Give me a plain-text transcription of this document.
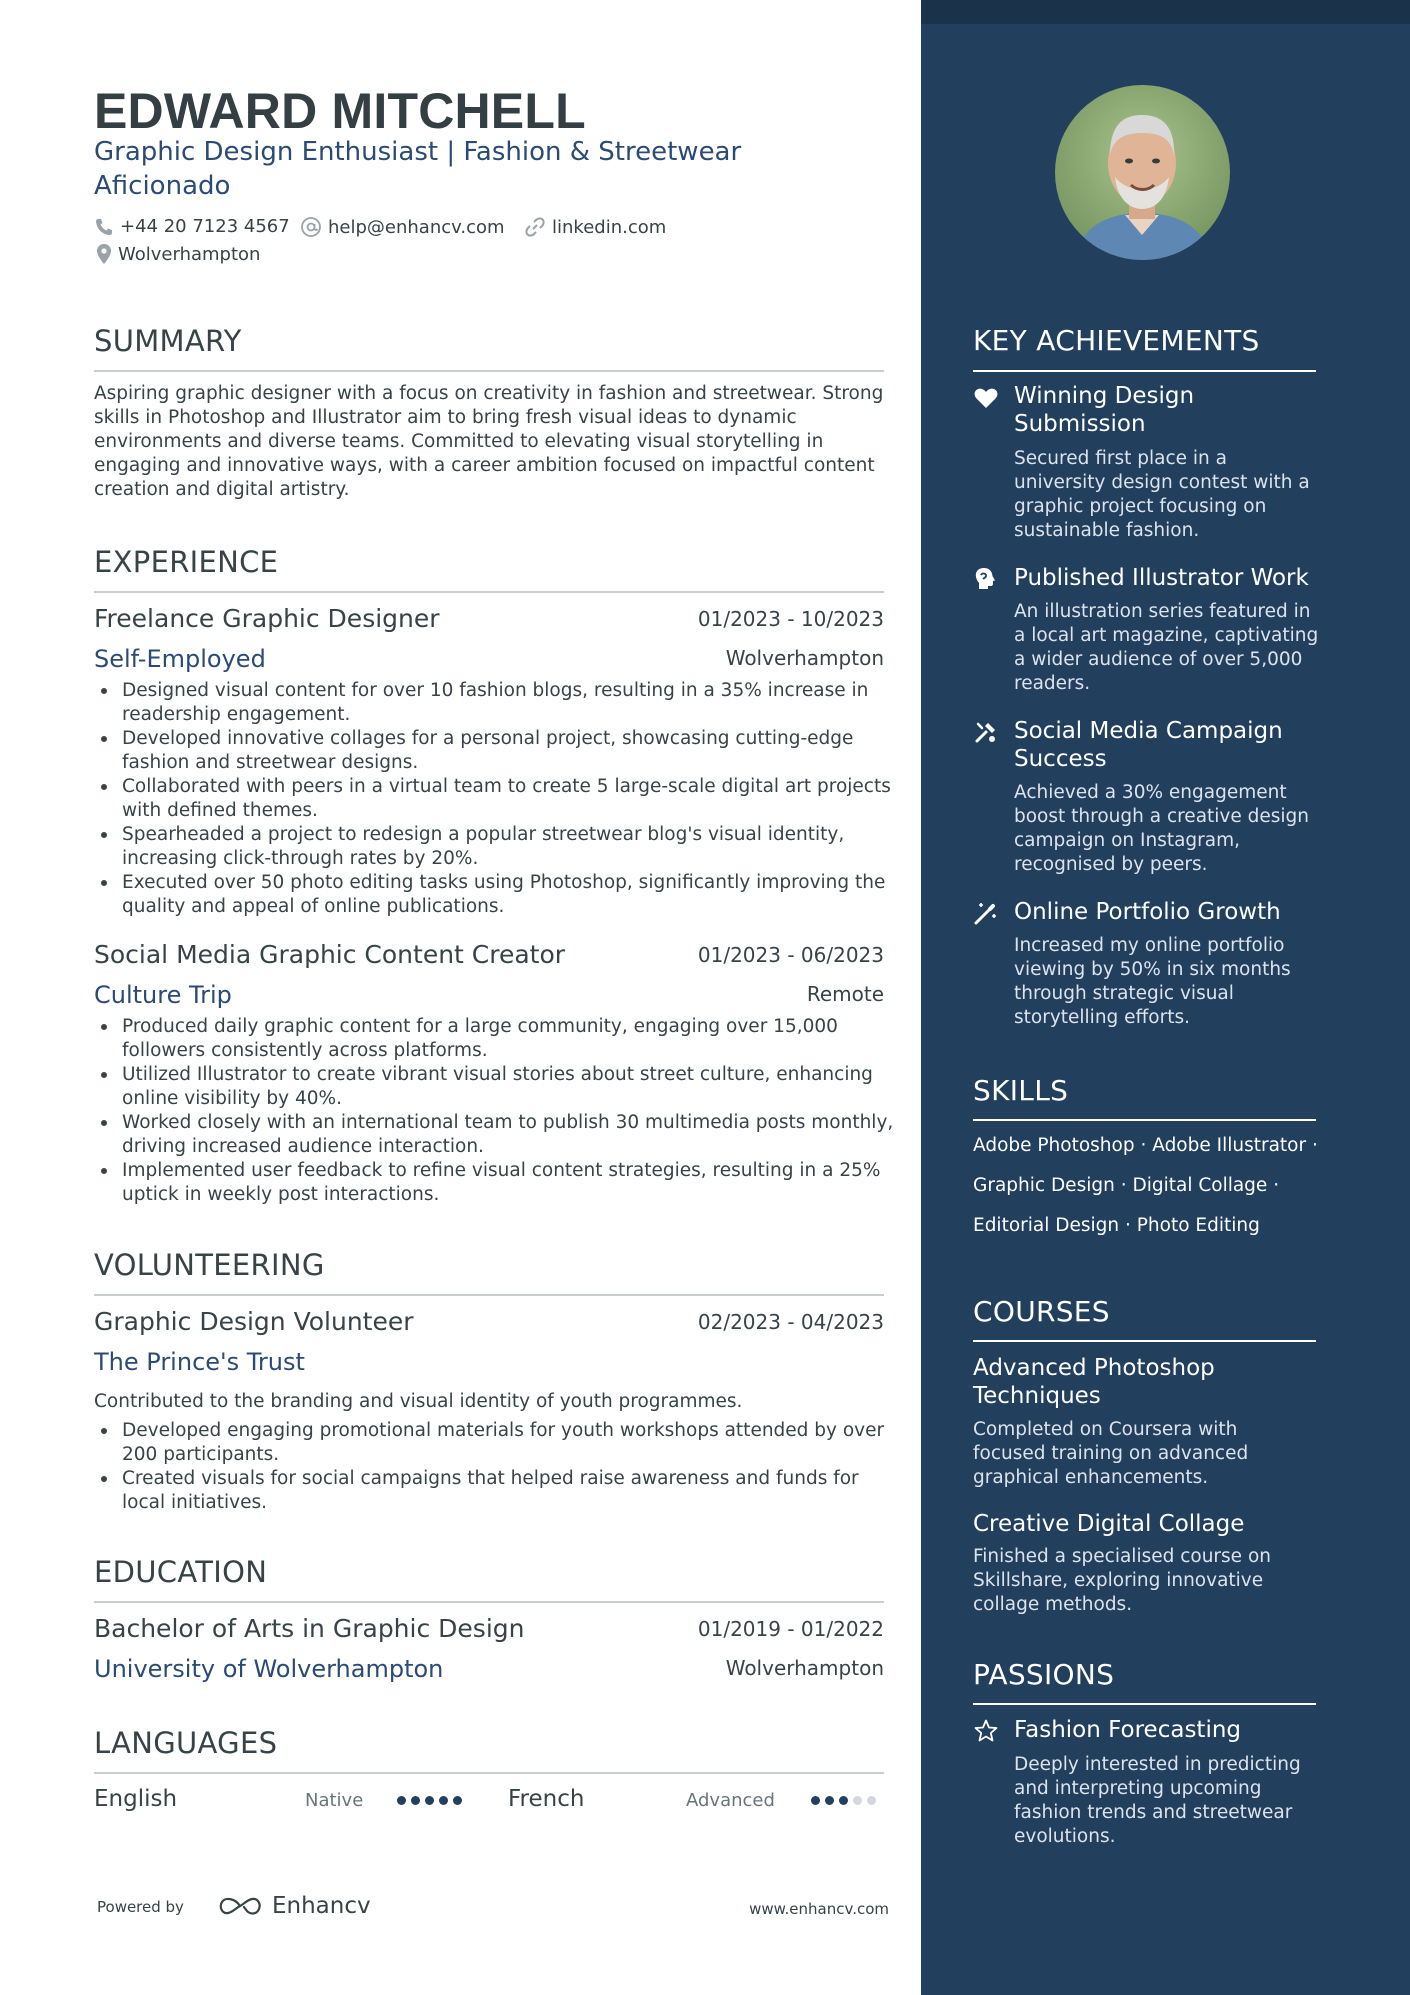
EDWARD MITCHELL
Graphic Design Enthusiast | Fashion & Streetwear Aficionado
+44 20 7123 4567 help@enhancv.com	linkedin.com
Wolverhampton
SUMMARY
Aspiring graphic designer with a focus on creativity in fashion and streetwear. Strong skills in Photoshop and Illustrator aim to bring fresh visual ideas to dynamic environments and diverse teams. Committed to elevating visual storytelling in engaging and innovative ways, with a career ambition focused on impactful content creation and digital artistry.
EXPERIENCE
Freelance Graphic Designer	01/2023 - 10/2023
Self-Employed	Wolverhampton
Designed visual content for over 10 fashion blogs, resulting in a 35% increase in readership engagement.
Developed innovative collages for a personal project, showcasing cutting-edge fashion and streetwear designs.
Collaborated with peers in a virtual team to create 5 large-scale digital art projects with defined themes.
Spearheaded a project to redesign a popular streetwear blog's visual identity, increasing click-through rates by 20%.
Executed over 50 photo editing tasks using Photoshop, significantly improving the quality and appeal of online publications.
Social Media Graphic Content Creator	01/2023 - 06/2023
Culture Trip	Remote
Produced daily graphic content for a large community, engaging over 15,000 followers consistently across platforms.
Utilized Illustrator to create vibrant visual stories about street culture, enhancing online visibility by 40%.
Worked closely with an international team to publish 30 multimedia posts monthly, driving increased audience interaction.
Implemented user feedback to refine visual content strategies, resulting in a 25% uptick in weekly post interactions.
VOLUNTEERING
Graphic Design Volunteer	02/2023 - 04/2023
The Prince's Trust
Contributed to the branding and visual identity of youth programmes.
Developed engaging promotional materials for youth workshops attended by over 200 participants.
Created visuals for social campaigns that helped raise awareness and funds for local initiatives.
EDUCATION
Bachelor of Arts in Graphic Design	01/2019 - 01/2022
University of Wolverhampton	Wolverhampton
LANGUAGES
English	Native	French	Advanced
Powered by	Enhancv	www.enhancv.com
KEY ACHIEVEMENTS
Winning Design Submission
Secured first place in a university design contest with a graphic project focusing on sustainable fashion.
Published Illustrator Work
An illustration series featured in a local art magazine, captivating a wider audience of over 5,000 readers.
Social Media Campaign Success
Achieved a 30% engagement boost through a creative design campaign on Instagram, recognised by peers.
Online Portfolio Growth
Increased my online portfolio viewing by 50% in six months through strategic visual storytelling efforts.
SKILLS
Adobe Photoshop · Adobe Illustrator ·
Graphic Design · Digital Collage ·
Editorial Design · Photo Editing
COURSES
Advanced Photoshop Techniques
Completed on Coursera with focused training on advanced graphical enhancements.
Creative Digital Collage
Finished a specialised course on Skillshare, exploring innovative collage methods.
PASSIONS
Fashion Forecasting
Deeply interested in predicting and interpreting upcoming fashion trends and streetwear evolutions.
